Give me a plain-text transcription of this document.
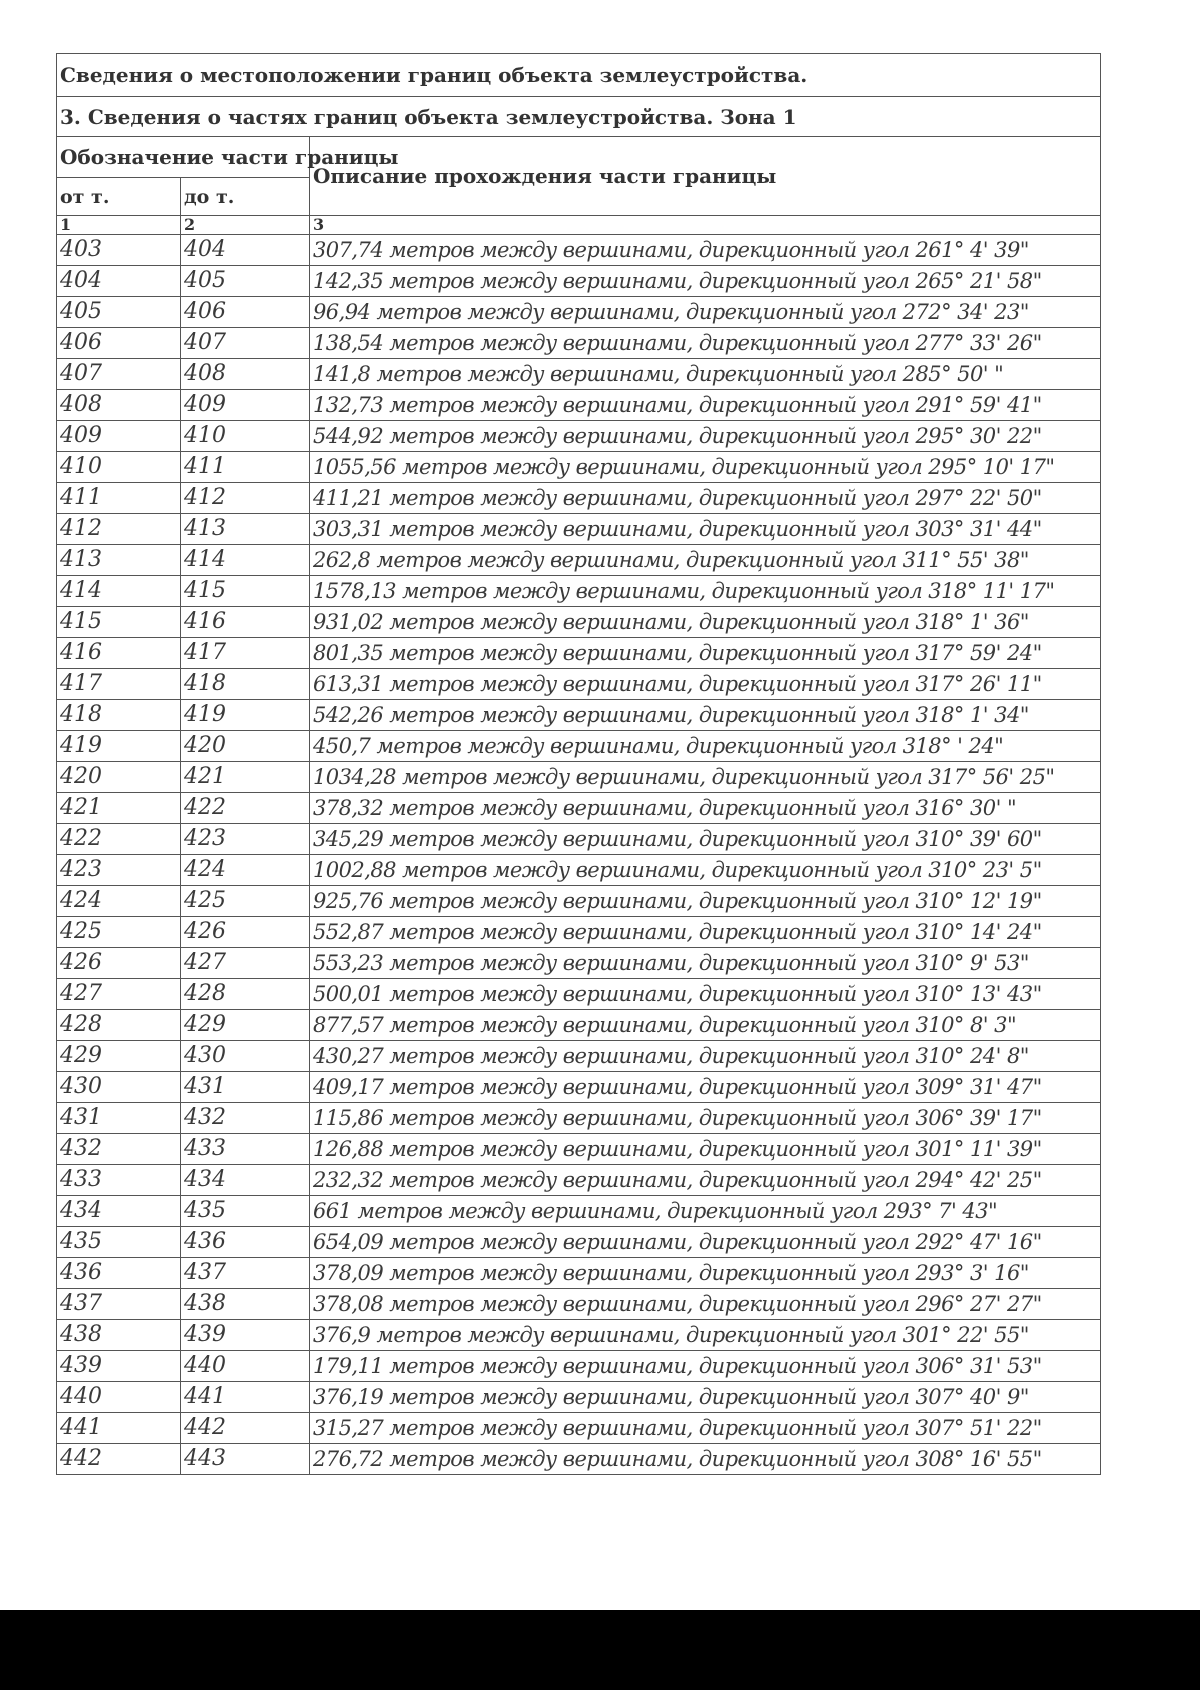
Сведения о местоположении границ объекта землеустройства.		
3. Сведения о частях границ объекта землеустройства. Зона 1		
Обозначение части границы		Описание прохождения части границы
от т.	до т.	
1	2	3
403	404	307,74 метров между вершинами, дирекционный угол 261° 4' 39"
404	405	142,35 метров между вершинами, дирекционный угол 265° 21' 58"
405	406	96,94 метров между вершинами, дирекционный угол 272° 34' 23"
406	407	138,54 метров между вершинами, дирекционный угол 277° 33' 26"
407	408	141,8 метров между вершинами, дирекционный угол 285° 50' "
408	409	132,73 метров между вершинами, дирекционный угол 291° 59' 41"
409	410	544,92 метров между вершинами, дирекционный угол 295° 30' 22"
410	411	1055,56 метров между вершинами, дирекционный угол 295° 10' 17"
411	412	411,21 метров между вершинами, дирекционный угол 297° 22' 50"
412	413	303,31 метров между вершинами, дирекционный угол 303° 31' 44"
413	414	262,8 метров между вершинами, дирекционный угол 311° 55' 38"
414	415	1578,13 метров между вершинами, дирекционный угол 318° 11' 17"
415	416	931,02 метров между вершинами, дирекционный угол 318° 1' 36"
416	417	801,35 метров между вершинами, дирекционный угол 317° 59' 24"
417	418	613,31 метров между вершинами, дирекционный угол 317° 26' 11"
418	419	542,26 метров между вершинами, дирекционный угол 318° 1' 34"
419	420	450,7 метров между вершинами, дирекционный угол 318° ' 24"
420	421	1034,28 метров между вершинами, дирекционный угол 317° 56' 25"
421	422	378,32 метров между вершинами, дирекционный угол 316° 30' "
422	423	345,29 метров между вершинами, дирекционный угол 310° 39' 60"
423	424	1002,88 метров между вершинами, дирекционный угол 310° 23' 5"
424	425	925,76 метров между вершинами, дирекционный угол 310° 12' 19"
425	426	552,87 метров между вершинами, дирекционный угол 310° 14' 24"
426	427	553,23 метров между вершинами, дирекционный угол 310° 9' 53"
427	428	500,01 метров между вершинами, дирекционный угол 310° 13' 43"
428	429	877,57 метров между вершинами, дирекционный угол 310° 8' 3"
429	430	430,27 метров между вершинами, дирекционный угол 310° 24' 8"
430	431	409,17 метров между вершинами, дирекционный угол 309° 31' 47"
431	432	115,86 метров между вершинами, дирекционный угол 306° 39' 17"
432	433	126,88 метров между вершинами, дирекционный угол 301° 11' 39"
433	434	232,32 метров между вершинами, дирекционный угол 294° 42' 25"
434	435	661 метров между вершинами, дирекционный угол 293° 7' 43"
435	436	654,09 метров между вершинами, дирекционный угол 292° 47' 16"
436	437	378,09 метров между вершинами, дирекционный угол 293° 3' 16"
437	438	378,08 метров между вершинами, дирекционный угол 296° 27' 27"
438	439	376,9 метров между вершинами, дирекционный угол 301° 22' 55"
439	440	179,11 метров между вершинами, дирекционный угол 306° 31' 53"
440	441	376,19 метров между вершинами, дирекционный угол 307° 40' 9"
441	442	315,27 метров между вершинами, дирекционный угол 307° 51' 22"
442	443	276,72 метров между вершинами, дирекционный угол 308° 16' 55"
